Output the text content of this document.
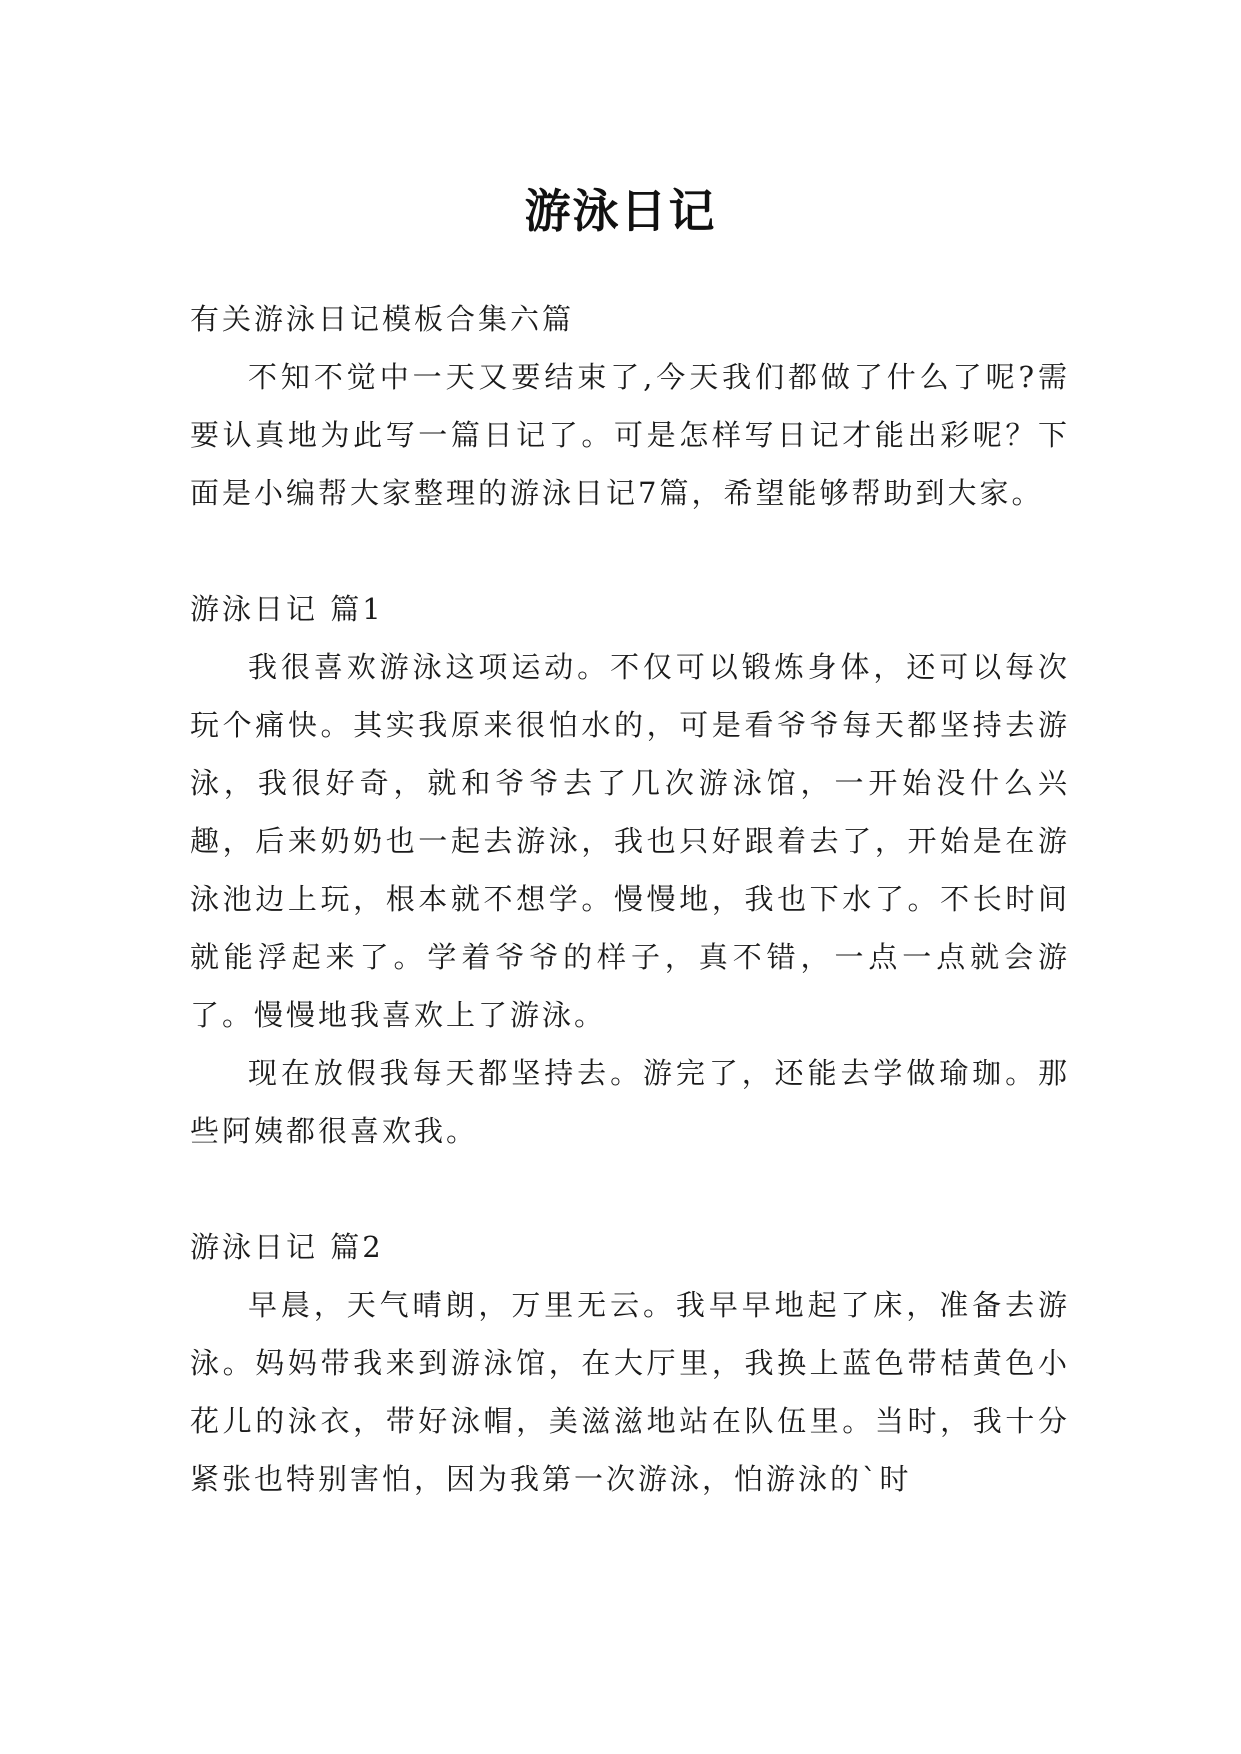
游泳日记

有关游泳日记模板合集六篇

不知不觉中一天又要结束了,今天我们都做了什么了呢?需要认真地为此写一篇日记了。可是怎样写日记才能出彩呢？下面是小编帮大家整理的游泳日记7篇，希望能够帮助到大家。

游泳日记 篇1

我很喜欢游泳这项运动。不仅可以锻炼身体，还可以每次玩个痛快。其实我原来很怕水的，可是看爷爷每天都坚持去游泳，我很好奇，就和爷爷去了几次游泳馆，一开始没什么兴趣，后来奶奶也一起去游泳，我也只好跟着去了，开始是在游泳池边上玩，根本就不想学。慢慢地，我也下水了。不长时间就能浮起来了。学着爷爷的样子，真不错，一点一点就会游了。慢慢地我喜欢上了游泳。

现在放假我每天都坚持去。游完了，还能去学做瑜珈。那些阿姨都很喜欢我。

游泳日记 篇2

早晨，天气晴朗，万里无云。我早早地起了床，准备去游泳。妈妈带我来到游泳馆，在大厅里，我换上蓝色带桔黄色小花儿的泳衣，带好泳帽，美滋滋地站在队伍里。当时，我十分紧张也特别害怕，因为我第一次游泳，怕游泳的`时
